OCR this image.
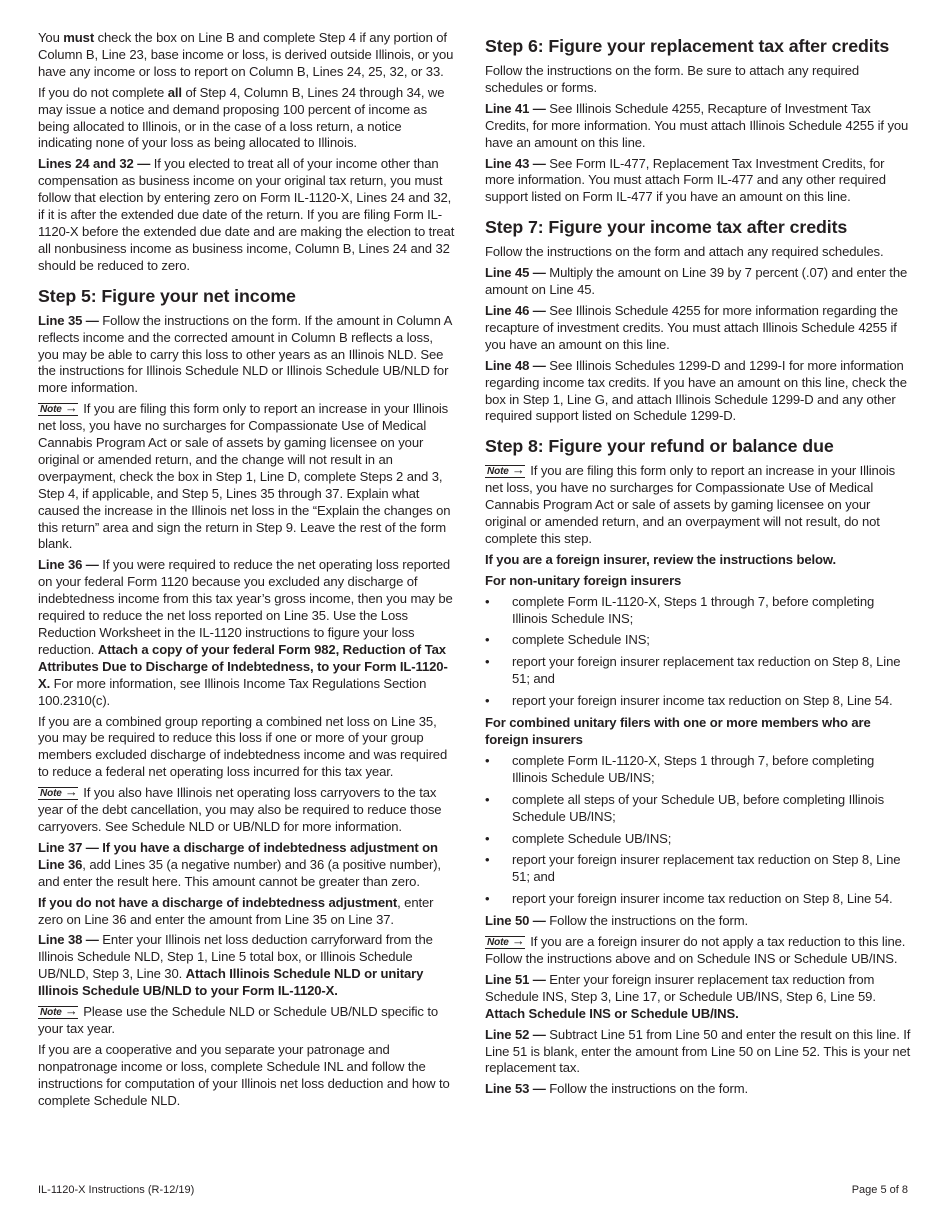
You must check the box on Line B and complete Step 4 if any portion of Column B, Line 23, base income or loss, is derived outside Illinois, or you have any income or loss to report on Column B, Lines 24, 25, 32, or 33.

If you do not complete all of Step 4, Column B, Lines 24 through 34, we may issue a notice and demand proposing 100 percent of income as being allocated to Illinois, or in the case of a loss return, a notice indicating none of your loss as being allocated to Illinois.

Lines 24 and 32 — If you elected to treat all of your income other than compensation as business income on your original tax return, you must follow that election by entering zero on Form IL-1120-X, Lines 24 and 32, if it is after the extended due date of the return. If you are filing Form IL-1120-X before the extended due date and are making the election to treat all nonbusiness income as business income, Column B, Lines 24 and 32 should be reduced to zero.

Step 5: Figure your net income

Line 35 — Follow the instructions on the form. If the amount in Column A reflects income and the corrected amount in Column B reflects a loss, you may be able to carry this loss to other years as an Illinois NLD. See the instructions for Illinois Schedule NLD or Illinois Schedule UB/NLD for more information.

Note → If you are filing this form only to report an increase in your Illinois net loss, you have no surcharges for Compassionate Use of Medical Cannabis Program Act or sale of assets by gaming licensee on your original or amended return, and the change will not result in an overpayment, check the box in Step 1, Line D, complete Steps 2 and 3, Step 4, if applicable, and Step 5, Lines 35 through 37. Explain what caused the increase in the Illinois net loss in the “Explain the changes on this return” area and sign the return in Step 9. Leave the rest of the form blank.

Line 36 — If you were required to reduce the net operating loss reported on your federal Form 1120 because you excluded any discharge of indebtedness income from this tax year’s gross income, then you may be required to reduce the net loss reported on Line 35. Use the Loss Reduction Worksheet in the IL-1120 instructions to figure your loss reduction. Attach a copy of your federal Form 982, Reduction of Tax Attributes Due to Discharge of Indebtedness, to your Form IL-1120-X. For more information, see Illinois Income Tax Regulations Section 100.2310(c).

If you are a combined group reporting a combined net loss on Line 35, you may be required to reduce this loss if one or more of your group members excluded discharge of indebtedness income and was required to reduce a federal net operating loss incurred for this tax year.

Note → If you also have Illinois net operating loss carryovers to the tax year of the debt cancellation, you may also be required to reduce those carryovers. See Schedule NLD or UB/NLD for more information.

Line 37 — If you have a discharge of indebtedness adjustment on Line 36, add Lines 35 (a negative number) and 36 (a positive number), and enter the result here. This amount cannot be greater than zero.

If you do not have a discharge of indebtedness adjustment, enter zero on Line 36 and enter the amount from Line 35 on Line 37.

Line 38 — Enter your Illinois net loss deduction carryforward from the Illinois Schedule NLD, Step 1, Line 5 total box, or Illinois Schedule UB/NLD, Step 3, Line 30. Attach Illinois Schedule NLD or unitary Illinois Schedule UB/NLD to your Form IL-1120-X.

Note → Please use the Schedule NLD or Schedule UB/NLD specific to your tax year.

If you are a cooperative and you separate your patronage and nonpatronage income or loss, complete Schedule INL and follow the instructions for computation of your Illinois net loss deduction and how to complete Schedule NLD.

Step 6: Figure your replacement tax after credits

Follow the instructions on the form. Be sure to attach any required schedules or forms.

Line 41 — See Illinois Schedule 4255, Recapture of Investment Tax Credits, for more information. You must attach Illinois Schedule 4255 if you have an amount on this line.

Line 43 — See Form IL-477, Replacement Tax Investment Credits, for more information. You must attach Form IL-477 and any other required support listed on Form IL-477 if you have an amount on this line.

Step 7: Figure your income tax after credits

Follow the instructions on the form and attach any required schedules.

Line 45 — Multiply the amount on Line 39 by 7 percent (.07) and enter the amount on Line 45.

Line 46 — See Illinois Schedule 4255 for more information regarding the recapture of investment credits. You must attach Illinois Schedule 4255 if you have an amount on this line.

Line 48 — See Illinois Schedules 1299-D and 1299-I for more information regarding income tax credits. If you have an amount on this line, check the box in Step 1, Line G, and attach Illinois Schedule 1299-D and any other required support listed on Schedule 1299-D.

Step 8: Figure your refund or balance due

Note → If you are filing this form only to report an increase in your Illinois net loss, you have no surcharges for Compassionate Use of Medical Cannabis Program Act or sale of assets by gaming licensee on your original or amended return, and an overpayment will not result, do not complete this step.

If you are a foreign insurer, review the instructions below.

For non-unitary foreign insurers

• complete Form IL-1120-X, Steps 1 through 7, before completing Illinois Schedule INS;
• complete Schedule INS;
• report your foreign insurer replacement tax reduction on Step 8, Line 51; and
• report your foreign insurer income tax reduction on Step 8, Line 54.

For combined unitary filers with one or more members who are foreign insurers

• complete Form IL-1120-X, Steps 1 through 7, before completing Illinois Schedule UB/INS;
• complete all steps of your Schedule UB, before completing Illinois Schedule UB/INS;
• complete Schedule UB/INS;
• report your foreign insurer replacement tax reduction on Step 8, Line 51; and
• report your foreign insurer income tax reduction on Step 8, Line 54.

Line 50 — Follow the instructions on the form.

Note → If you are a foreign insurer do not apply a tax reduction to this line. Follow the instructions above and on Schedule INS or Schedule UB/INS.

Line 51 — Enter your foreign insurer replacement tax reduction from Schedule INS, Step 3, Line 17, or Schedule UB/INS, Step 6, Line 59. Attach Schedule INS or Schedule UB/INS.

Line 52 — Subtract Line 51 from Line 50 and enter the result on this line. If Line 51 is blank, enter the amount from Line 50 on Line 52. This is your net replacement tax.

Line 53 — Follow the instructions on the form.

IL-1120-X Instructions (R-12/19)	Page 5 of 8
